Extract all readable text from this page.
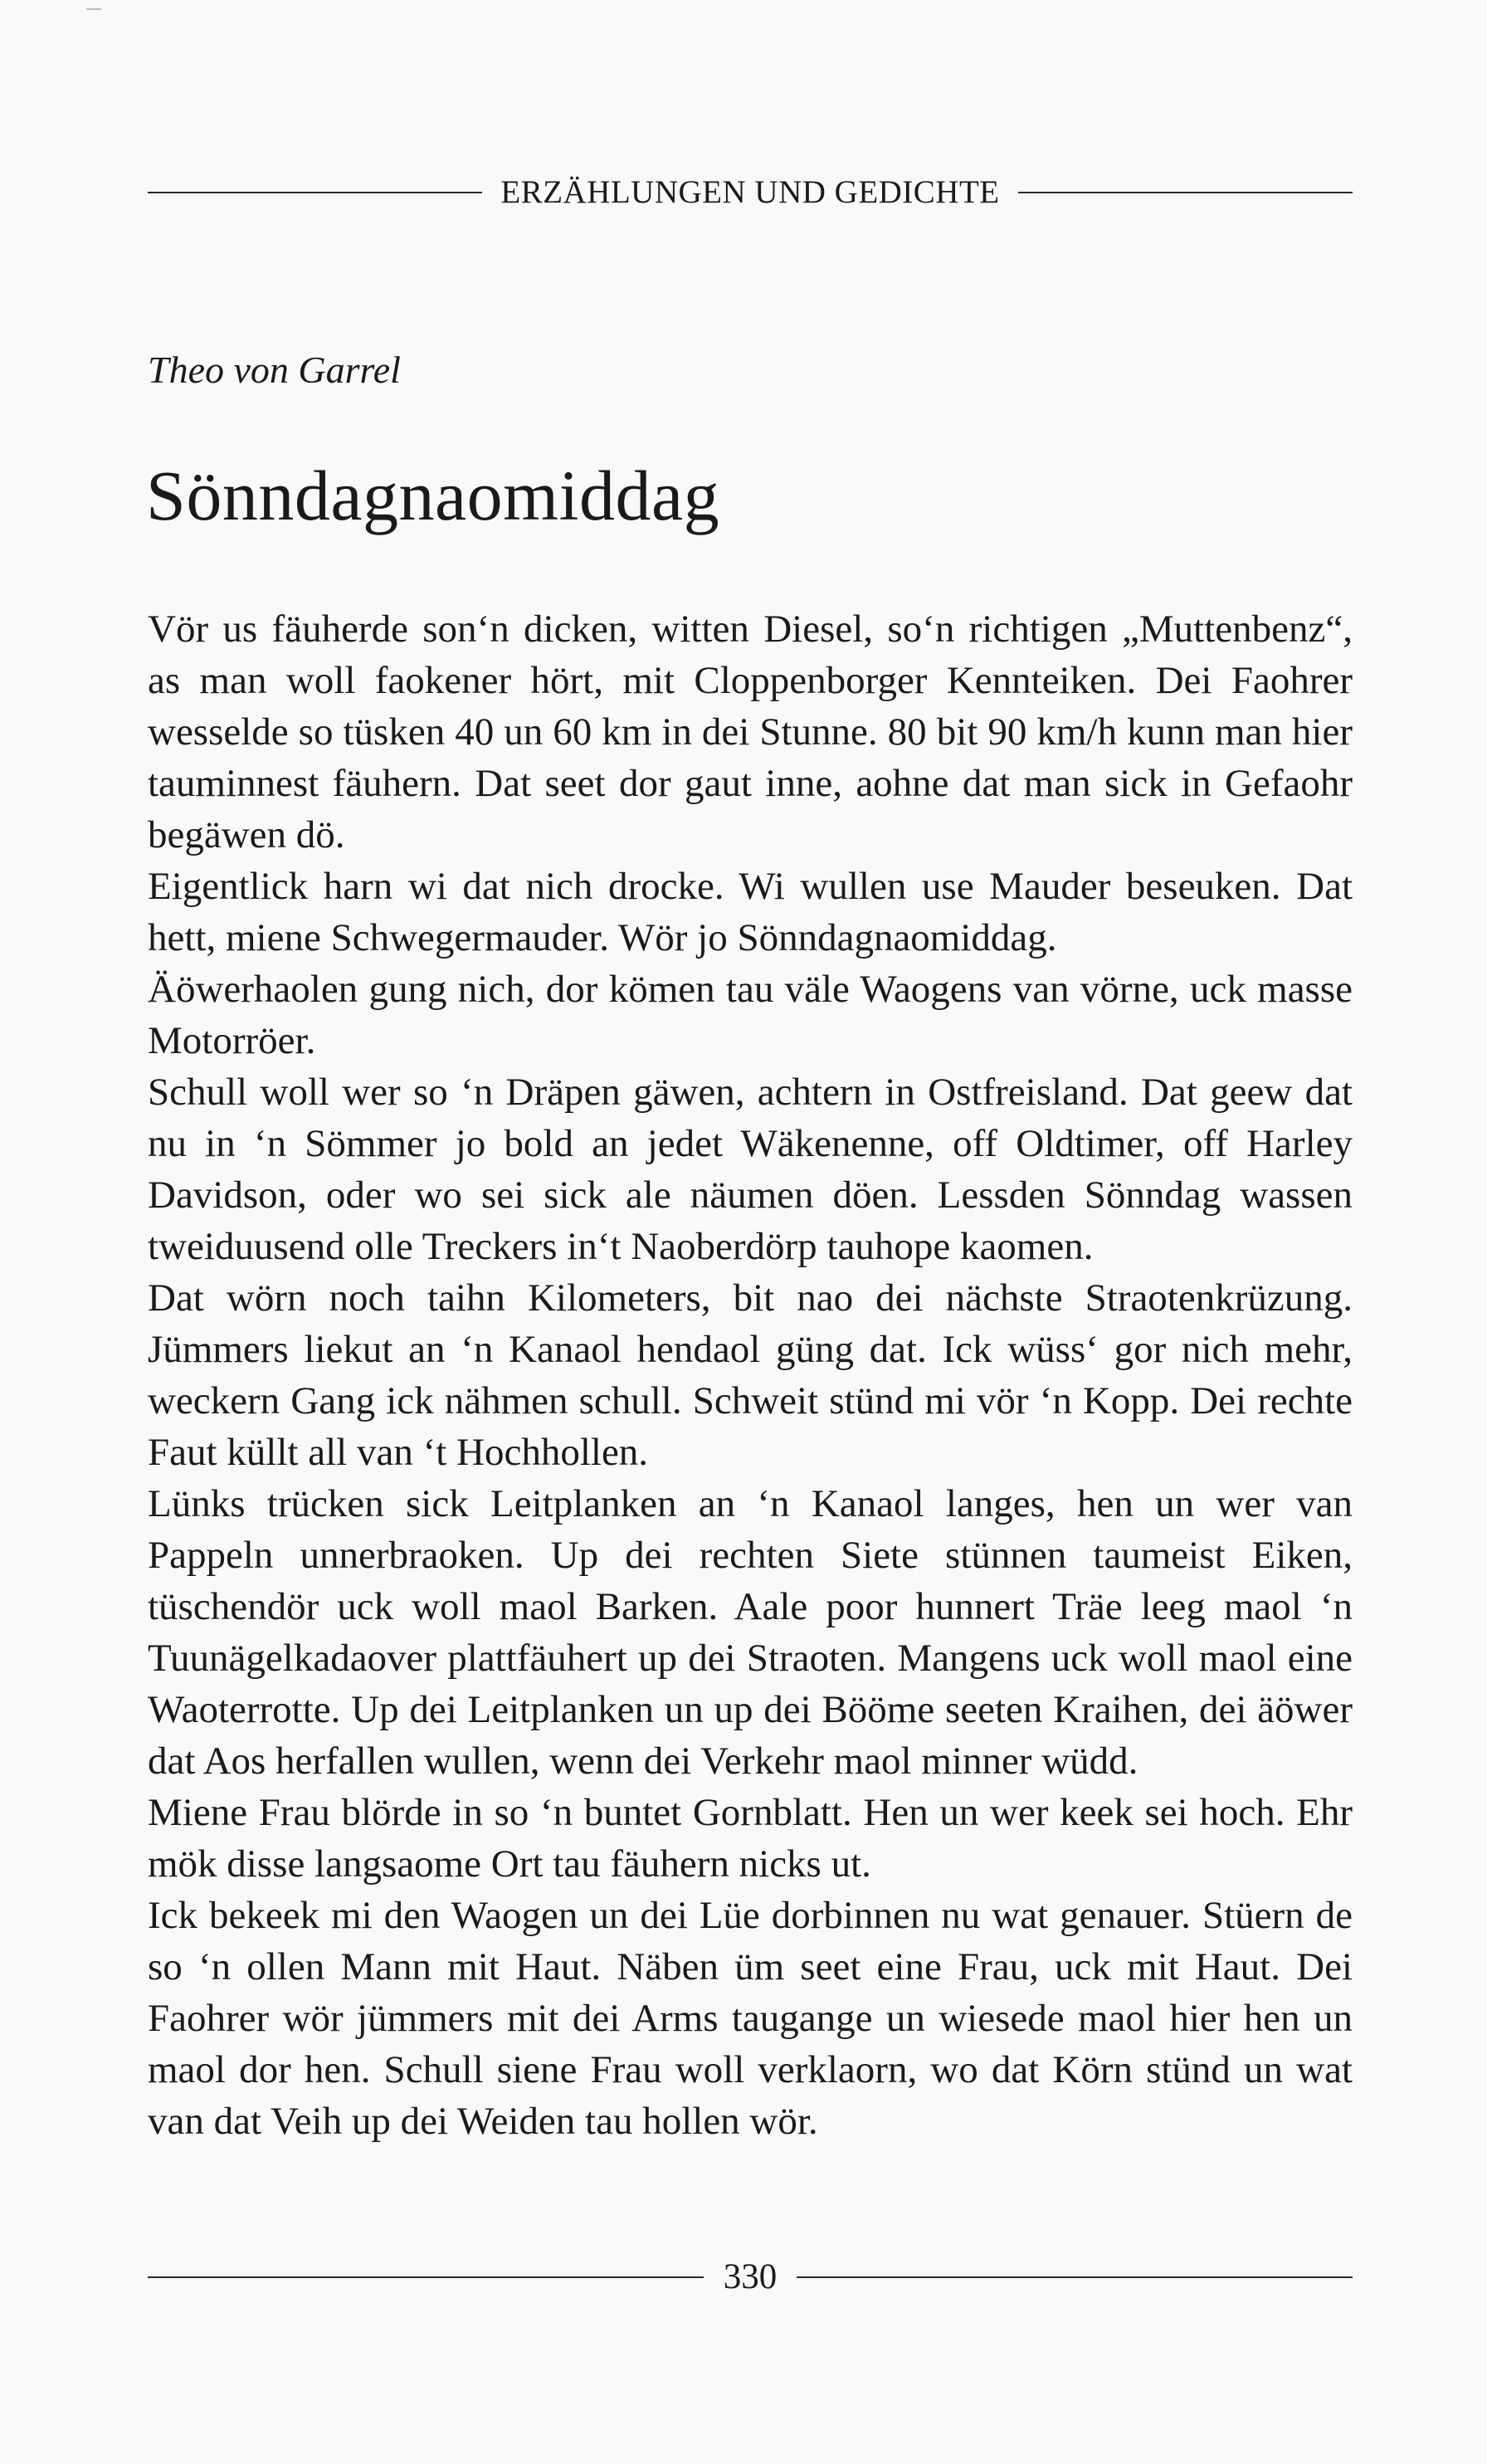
ERZÄHLUNGEN UND GEDICHTE
Theo von Garrel
Sönndagnaomiddag

Vör us fäuherde son‘n dicken, witten Diesel, so‘n richtigen „Muttenbenz“, as man woll faokener hört, mit Cloppenborger Kennteiken. Dei Faohrer wesselde so tüsken 40 un 60 km in dei Stunne. 80 bit 90 km/h kunn man hier tauminnest fäuhern. Dat seet dor gaut inne, aohne dat man sick in Gefaohr begäwen dö.

Eigentlick harn wi dat nich drocke. Wi wullen use Mauder beseuken. Dat hett, miene Schwegermauder. Wör jo Sönndagnaomiddag.

Äöwerhaolen gung nich, dor kömen tau väle Waogens van vörne, uck masse Motorröer.

Schull woll wer so ‘n Dräpen gäwen, achtern in Ostfreisland. Dat geew dat nu in ‘n Sömmer jo bold an jedet Wäkenenne, off Oldtimer, off Harley Davidson, oder wo sei sick ale näumen döen. Lessden Sönndag wassen tweiduusend olle Treckers in‘t Naoberdörp tauhope kaomen.

Dat wörn noch taihn Kilometers, bit nao dei nächste Straotenkrüzung. Jümmers liekut an ‘n Kanaol hendaol güng dat. Ick wüss‘ gor nich mehr, weckern Gang ick nähmen schull. Schweit stünd mi vör ‘n Kopp. Dei rechte Faut küllt all van ‘t Hochhollen.

Lünks trücken sick Leitplanken an ‘n Kanaol langes, hen un wer van Pappeln unnerbraoken. Up dei rechten Siete stünnen taumeist Eiken, tüschendör uck woll maol Barken. Aale poor hunnert Träe leeg maol ‘n Tuunägelkadaover plattfäuhert up dei Straoten. Mangens uck woll maol eine Waoterrotte. Up dei Leitplanken un up dei Bööme seeten Kraihen, dei äöwer dat Aos herfallen wullen, wenn dei Verkehr maol minner wüdd.

Miene Frau blörde in so ‘n buntet Gornblatt. Hen un wer keek sei hoch. Ehr mök disse langsaome Ort tau fäuhern nicks ut.

Ick bekeek mi den Waogen un dei Lüe dorbinnen nu wat genauer. Stüern de so ‘n ollen Mann mit Haut. Näben üm seet eine Frau, uck mit Haut. Dei Faohrer wör jümmers mit dei Arms taugange un wiesede maol hier hen un maol dor hen. Schull siene Frau woll verklaorn, wo dat Körn stünd un wat van dat Veih up dei Weiden tau hollen wör.

330
